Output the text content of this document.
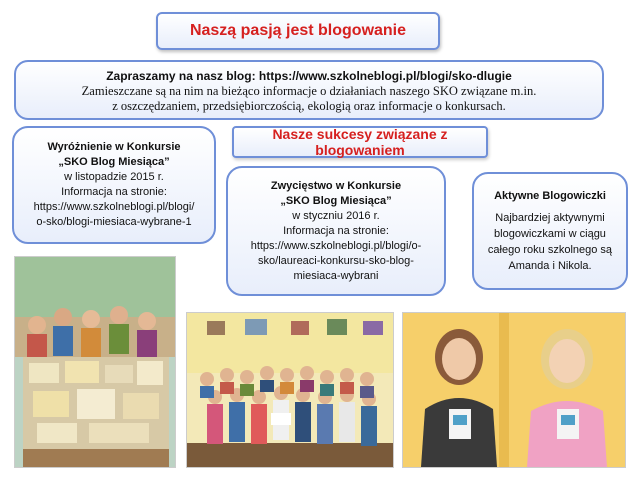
Naszą pasją jest blogowanie
Zapraszamy na nasz blog: https://www.szkolneblogi.pl/blogi/sko-dlugie
Zamieszczane są na nim na bieżąco informacje o działaniach naszego SKO związane m.in.
z oszczędzaniem, przedsiębiorczością, ekologią oraz informacje o konkursach.
Wyróżnienie w Konkursie
„SKO Blog Miesiąca”
w listopadzie 2015 r.
Informacja na stronie:
https://www.szkolneblogi.pl/blogi/
o-sko/blogi-miesiaca-wybrane-1
Nasze sukcesy związane z blogowaniem
Zwycięstwo w Konkursie
„SKO Blog Miesiąca”
w styczniu 2016 r.
Informacja na stronie:
https://www.szkolneblogi.pl/blogi/o-
sko/laureaci-konkursu-sko-blog-
miesiaca-wybrani
Aktywne Blogowiczki
Najbardziej aktywnymi
blogowiczkami w ciągu
całego roku szkolnego są
Amanda i Nikola.
